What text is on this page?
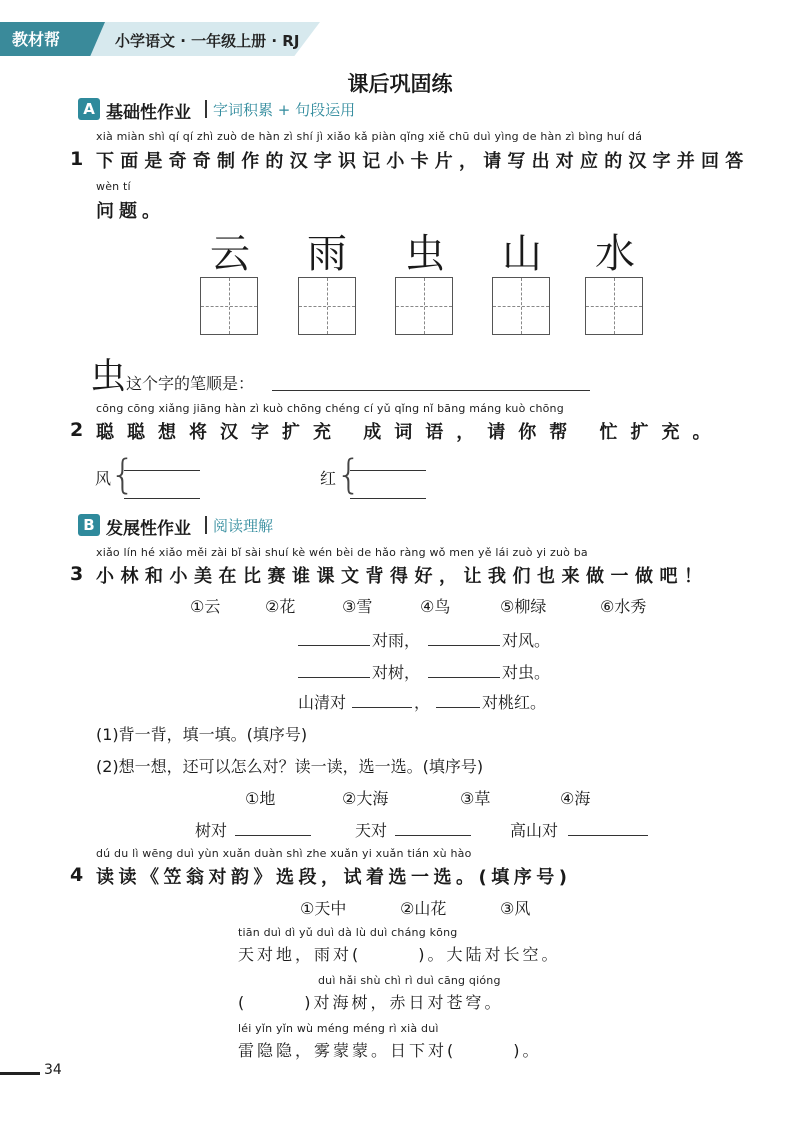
教材帮	小学语文 · 一年级上册 · RJ
课后巩固练
A 基础性作业 字词积累 + 句段运用
xià miàn shì qí qí zhì zuò de hàn zì shí jì xiǎo kǎ piàn qǐng xiě chū duì yìng de hàn zì bìng huí dá
1 下面是奇奇制作的汉字识记小卡片，请写出对应的汉字并回答
wèn tí
问题。
云	雨	虫	山	水
虫 这个字的笔顺是：
cōng cōng xiǎng jiāng hàn zì kuò chōng chéng cí yǔ qǐng nǐ bāng máng kuò chōng
2 聪聪想将汉字扩充 成词语，请你帮 忙扩充。
风
{	红 {
B 发展性作业 阅读理解
xiǎo lín hé xiǎo měi zài bǐ sài shuí kè wén bèi de hǎo ràng wǒ men yě lái zuò yi zuò ba
3 小林和小美在比赛谁课文背得好，让我们也来做一做吧！
①云	②花	③雪	④鸟	⑤柳绿	⑥水秀
对雨，	对风。
对树，	对虫。
山清对	，	对桃红。
(1)背一背，填一填。(填序号)
(2)想一想，还可以怎么对？读一读，选一选。(填序号)
①地	②大海	③草	④海
树对	天对	高山对
dú du lì wēng duì yùn xuǎn duàn shì zhe xuǎn yi xuǎn tián xù hào
4 读读《笠翁对韵》选段，试着选一选。(填序号)
①天中	②山花	③风
tiān duì dì yǔ duì dà lù duì cháng kōng
天对地，雨对(　　　)。大陆对长空。
duì hǎi shù chì rì duì cāng qióng
(　　　)对海树，赤日对苍穹。
léi yǐn yǐn wù méng méng rì xià duì
雷隐隐，雾蒙蒙。日下对(　　　)。
34
